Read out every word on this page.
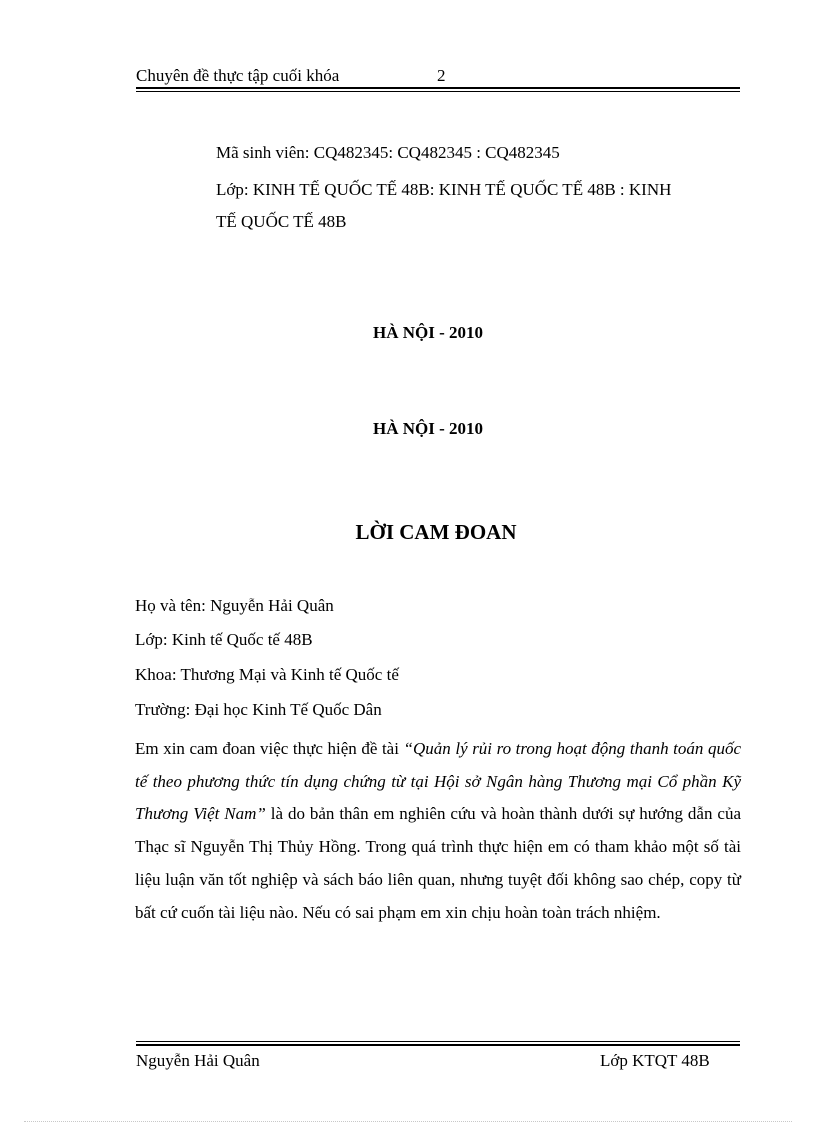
Chuyên đề thực tập cuối khóa	2
Mã sinh viên: CQ482345: CQ482345 : CQ482345
Lớp: KINH TẾ QUỐC TẾ 48B: KINH TẾ QUỐC TẾ 48B : KINH
TẾ QUỐC TẾ 48B
HÀ NỘI - 2010
HÀ NỘI - 2010
LỜI CAM ĐOAN
Họ và tên: Nguyễn Hải Quân
Lớp: Kinh tế Quốc tế 48B
Khoa: Thương Mại và Kinh tế Quốc tế
Trường: Đại học Kinh Tế Quốc Dân
Em xin cam đoan việc thực hiện đề tài “Quản lý rủi ro trong hoạt động thanh toán quốc tế theo phương thức tín dụng chứng từ tại Hội sở Ngân hàng Thương mại Cổ phần Kỹ Thương Việt Nam” là do bản thân em nghiên cứu và hoàn thành dưới sự hướng dẫn của Thạc sĩ Nguyễn Thị Thủy Hồng. Trong quá trình thực hiện em có tham khảo một số tài liệu luận văn tốt nghiệp và sách báo liên quan, nhưng tuyệt đối không sao chép, copy từ bất cứ cuốn tài liệu nào. Nếu có sai phạm em xin chịu hoàn toàn trách nhiệm.
Nguyễn Hải Quân	Lớp KTQT 48B
